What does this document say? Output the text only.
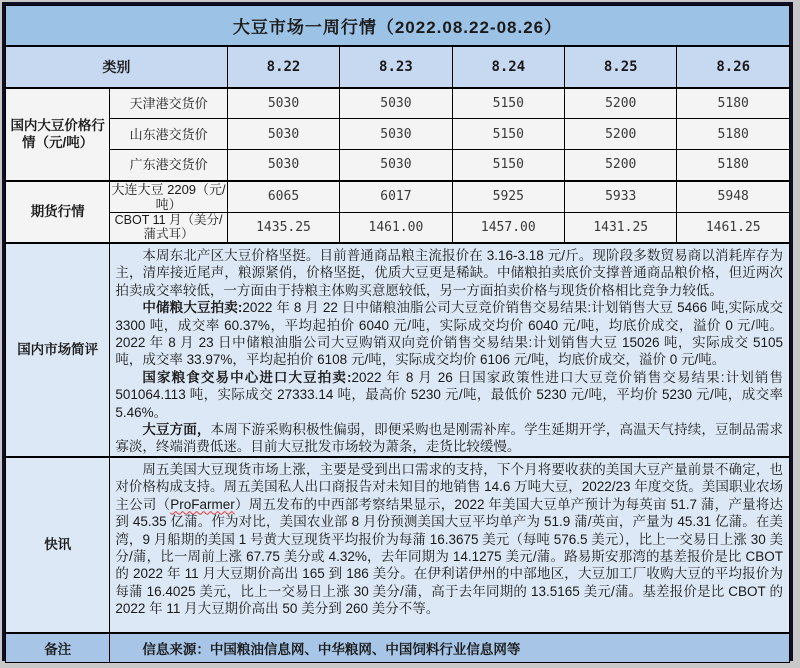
大豆市场一周行情（2022.08.22-08.26）						
类别		8.22	8.23	8.24	8.25	8.26
国内大豆价格行情（元/吨）	天津港交货价	5030	5030	5150	5200	5180
	山东港交货价	5030	5030	5150	5200	5180
	广东港交货价	5030	5030	5150	5200	5180
期货行情	大连大豆 2209（元/吨）	6065	6017	5925	5933	5948
	CBOT 11 月（美分/蒲式耳）	1435.25	1461.00	1457.00	1431.25	1461.25
国内市场简评	本周东北产区大豆价格坚挺。目前普通商品粮主流报价在 3.16-3.18 元/斤。现阶段多数贸易商以消耗库存为主，清库接近尾声，粮源紧俏，价格坚挺，优质大豆更是稀缺。中储粮拍卖底价支撑普通商品粮价格，但近两次拍卖成交率较低，一方面由于持粮主体购买意愿较低，另一方面拍卖价格与现货价格相比竞争力较低。

中储粮大豆拍卖:2022 年 8 月 22 日中储粮油脂公司大豆竞价销售交易结果:计划销售大豆 5466 吨,实际成交 3300 吨，成交率 60.37%，平均起拍价 6040 元/吨，实际成交均价 6040 元/吨，均底价成交，溢价 0 元/吨。2022 年 8 月 23 日中储粮油脂公司大豆购销双向竞价销售交易结果:计划销售大豆 15026 吨，实际成交 5105 吨，成交率 33.97%，平均起拍价 6108 元/吨，实际成交均价 6106 元/吨，均底价成交，溢价 0 元/吨。

国家粮食交易中心进口大豆拍卖:2022 年 8 月 26 日国家政策性进口大豆竞价销售交易结果:计划销售 501064.113 吨，实际成交 27333.14 吨，最高价 5230 元/吨，最低价 5230 元/吨，平均价 5230 元/吨，成交率 5.46%。

大豆方面，本周下游采购积极性偏弱，即便采购也是刚需补库。学生延期开学，高温天气持续，豆制品需求寡淡，终端消费低迷。目前大豆批发市场较为萧条，走货比较缓慢。					

快讯	周五美国大豆现货市场上涨，主要是受到出口需求的支持，下个月将要收获的美国大豆产量前景不确定，也对价格构成支持。周五美国私人出口商报告对未知目的地销售 14.6 万吨大豆，2022/23 年度交货。美国职业农场主公司（ProFarmer）周五发布的中西部考察结果显示，2022 年美国大豆单产预计为每英亩 51.7 蒲，产量将达到 45.35 亿蒲。作为对比，美国农业部 8 月份预测美国大豆平均单产为 51.9 蒲/英亩，产量为 45.31 亿蒲。在美湾，9 月船期的美国 1 号黄大豆现货平均报价为每蒲 16.3675 美元（每吨 576.5 美元），比上一交易日上涨 30 美分/蒲，比一周前上涨 67.75 美分或 4.32%，去年同期为 14.1275 美元/蒲。路易斯安那湾的基差报价是比 CBOT 的 2022 年 11 月大豆期价高出 165 到 186 美分。在伊利诺伊州的中部地区，大豆加工厂收购大豆的平均报价为每蒲 16.4025 美元，比上一交易日上涨 30 美分/蒲，高于去年同期的 13.5165 美元/蒲。基差报价是比 CBOT 的 2022 年 11 月大豆期价高出 50 美分到 260 美分不等。					

备注	信息来源：中国粮油信息网、中华粮网、中国饲料行业信息网等					
